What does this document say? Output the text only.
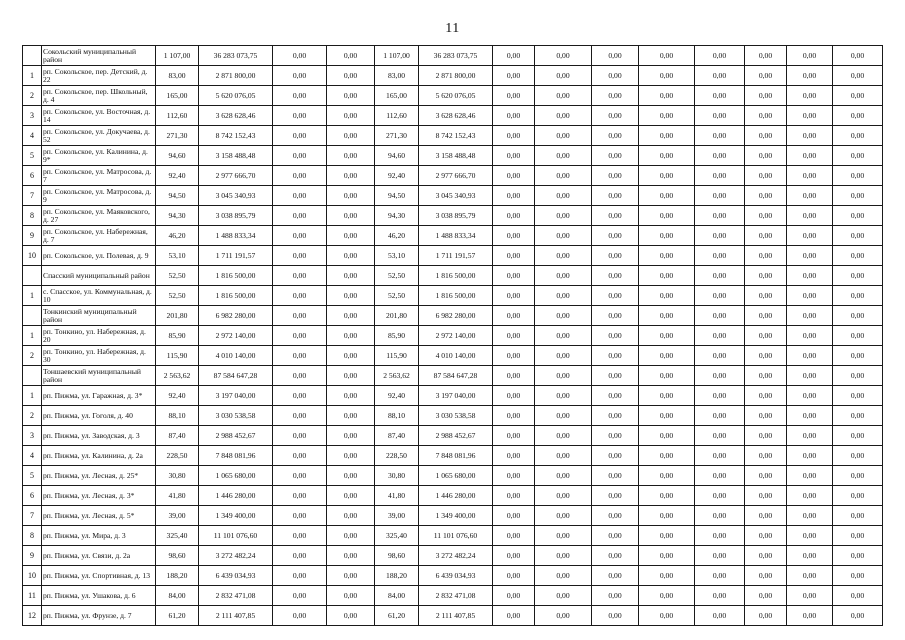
11
	Сокольский муниципальный район	1 107,00	36 283 073,75	0,00	0,00	1 107,00	36 283 073,75	0,00	0,00	0,00	0,00	0,00	0,00	0,00	0,00
1	рп. Сокольское, пер. Детский, д. 22	83,00	2 871 800,00	0,00	0,00	83,00	2 871 800,00	0,00	0,00	0,00	0,00	0,00	0,00	0,00	0,00
2	рп. Сокольское, пер. Школьный, д. 4	165,00	5 620 076,05	0,00	0,00	165,00	5 620 076,05	0,00	0,00	0,00	0,00	0,00	0,00	0,00	0,00
3	рп. Сокольское, ул. Восточная, д. 14	112,60	3 628 628,46	0,00	0,00	112,60	3 628 628,46	0,00	0,00	0,00	0,00	0,00	0,00	0,00	0,00
4	рп. Сокольское, ул. Докучаева, д. 52	271,30	8 742 152,43	0,00	0,00	271,30	8 742 152,43	0,00	0,00	0,00	0,00	0,00	0,00	0,00	0,00
5	рп. Сокольское, ул. Калинина, д. 9*	94,60	3 158 488,48	0,00	0,00	94,60	3 158 488,48	0,00	0,00	0,00	0,00	0,00	0,00	0,00	0,00
6	рп. Сокольское, ул. Матросова, д. 7	92,40	2 977 666,70	0,00	0,00	92,40	2 977 666,70	0,00	0,00	0,00	0,00	0,00	0,00	0,00	0,00
7	рп. Сокольское, ул. Матросова, д. 9	94,50	3 045 340,93	0,00	0,00	94,50	3 045 340,93	0,00	0,00	0,00	0,00	0,00	0,00	0,00	0,00
8	рп. Сокольское, ул. Маяковского, д. 27	94,30	3 038 895,79	0,00	0,00	94,30	3 038 895,79	0,00	0,00	0,00	0,00	0,00	0,00	0,00	0,00
9	рп. Сокольское, ул. Набережная, д. 7	46,20	1 488 833,34	0,00	0,00	46,20	1 488 833,34	0,00	0,00	0,00	0,00	0,00	0,00	0,00	0,00
10	рп. Сокольское, ул. Полевая, д. 9	53,10	1 711 191,57	0,00	0,00	53,10	1 711 191,57	0,00	0,00	0,00	0,00	0,00	0,00	0,00	0,00
	Спасский муниципальный район	52,50	1 816 500,00	0,00	0,00	52,50	1 816 500,00	0,00	0,00	0,00	0,00	0,00	0,00	0,00	0,00
1	с. Спасское, ул. Коммунальная, д. 10	52,50	1 816 500,00	0,00	0,00	52,50	1 816 500,00	0,00	0,00	0,00	0,00	0,00	0,00	0,00	0,00
	Тонкинский муниципальный район	201,80	6 982 280,00	0,00	0,00	201,80	6 982 280,00	0,00	0,00	0,00	0,00	0,00	0,00	0,00	0,00
1	рп. Тонкино, ул. Набережная, д. 20	85,90	2 972 140,00	0,00	0,00	85,90	2 972 140,00	0,00	0,00	0,00	0,00	0,00	0,00	0,00	0,00
2	рп. Тонкино, ул. Набережная, д. 30	115,90	4 010 140,00	0,00	0,00	115,90	4 010 140,00	0,00	0,00	0,00	0,00	0,00	0,00	0,00	0,00
	Тоншаевский муниципальный район	2 563,62	87 584 647,28	0,00	0,00	2 563,62	87 584 647,28	0,00	0,00	0,00	0,00	0,00	0,00	0,00	0,00
1	рп. Пижма, ул. Гаражная, д. 3*	92,40	3 197 040,00	0,00	0,00	92,40	3 197 040,00	0,00	0,00	0,00	0,00	0,00	0,00	0,00	0,00
2	рп. Пижма, ул. Гоголя, д. 40	88,10	3 030 538,58	0,00	0,00	88,10	3 030 538,58	0,00	0,00	0,00	0,00	0,00	0,00	0,00	0,00
3	рп. Пижма, ул. Заводская, д. 3	87,40	2 988 452,67	0,00	0,00	87,40	2 988 452,67	0,00	0,00	0,00	0,00	0,00	0,00	0,00	0,00
4	рп. Пижма, ул. Калинина, д. 2а	228,50	7 848 081,96	0,00	0,00	228,50	7 848 081,96	0,00	0,00	0,00	0,00	0,00	0,00	0,00	0,00
5	рп. Пижма, ул. Лесная, д. 25*	30,80	1 065 680,00	0,00	0,00	30,80	1 065 680,00	0,00	0,00	0,00	0,00	0,00	0,00	0,00	0,00
6	рп. Пижма, ул. Лесная, д. 3*	41,80	1 446 280,00	0,00	0,00	41,80	1 446 280,00	0,00	0,00	0,00	0,00	0,00	0,00	0,00	0,00
7	рп. Пижма, ул. Лесная, д. 5*	39,00	1 349 400,00	0,00	0,00	39,00	1 349 400,00	0,00	0,00	0,00	0,00	0,00	0,00	0,00	0,00
8	рп. Пижма, ул. Мира, д. 3	325,40	11 101 076,60	0,00	0,00	325,40	11 101 076,60	0,00	0,00	0,00	0,00	0,00	0,00	0,00	0,00
9	рп. Пижма, ул. Связи, д. 2а	98,60	3 272 482,24	0,00	0,00	98,60	3 272 482,24	0,00	0,00	0,00	0,00	0,00	0,00	0,00	0,00
10	рп. Пижма, ул. Спортивная, д. 13	188,20	6 439 034,93	0,00	0,00	188,20	6 439 034,93	0,00	0,00	0,00	0,00	0,00	0,00	0,00	0,00
11	рп. Пижма, ул. Ушакова, д. 6	84,00	2 832 471,08	0,00	0,00	84,00	2 832 471,08	0,00	0,00	0,00	0,00	0,00	0,00	0,00	0,00
12	рп. Пижма, ул. Фрунзе, д. 7	61,20	2 111 407,85	0,00	0,00	61,20	2 111 407,85	0,00	0,00	0,00	0,00	0,00	0,00	0,00	0,00
